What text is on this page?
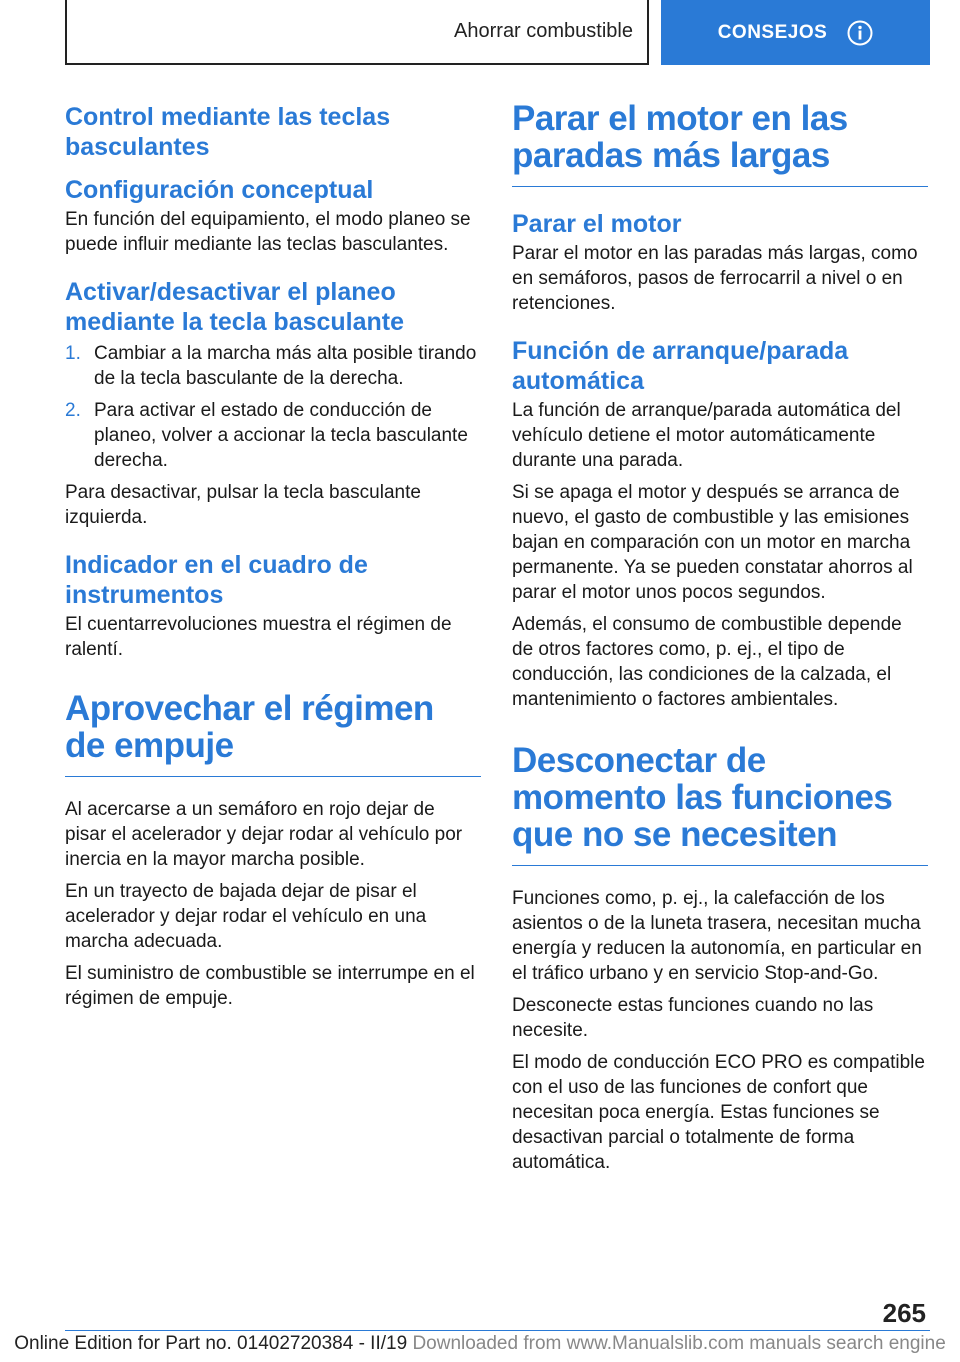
Ahorrar combustible	CONSEJOS
Control mediante las teclas basculantes
Configuración conceptual

En función del equipamiento, el modo planeo se puede influir mediante las teclas basculantes.

Activar/desactivar el planeo mediante la tecla basculante
1. Cambiar a la marcha más alta posible tirando de la tecla basculante de la derecha.
2. Para activar el estado de conducción de planeo, volver a accionar la tecla basculante derecha.

Para desactivar, pulsar la tecla basculante izquierda.

Indicador en el cuadro de instrumentos

El cuentarrevoluciones muestra el régimen de ralentí.

Aprovechar el régimen de empuje

Al acercarse a un semáforo en rojo dejar de pisar el acelerador y dejar rodar al vehículo por inercia en la mayor marcha posible.

En un trayecto de bajada dejar de pisar el acelerador y dejar rodar el vehículo en una marcha adecuada.

El suministro de combustible se interrumpe en el régimen de empuje.

Parar el motor en las paradas más largas
Parar el motor

Parar el motor en las paradas más largas, como en semáforos, pasos de ferrocarril a nivel o en retenciones.

Función de arranque/parada automática

La función de arranque/parada automática del vehículo detiene el motor automáticamente durante una parada.

Si se apaga el motor y después se arranca de nuevo, el gasto de combustible y las emisiones bajan en comparación con un motor en marcha permanente. Ya se pueden constatar ahorros al parar el motor unos pocos segundos.

Además, el consumo de combustible depende de otros factores como, p. ej., el tipo de conducción, las condiciones de la calzada, el mantenimiento o factores ambientales.

Desconectar de momento las funciones que no se necesiten

Funciones como, p. ej., la calefacción de los asientos o de la luneta trasera, necesitan mucha energía y reducen la autonomía, en particular en el tráfico urbano y en servicio Stop-and-Go.

Desconecte estas funciones cuando no las necesite.

El modo de conducción ECO PRO es compatible con el uso de las funciones de confort que necesitan poca energía. Estas funciones se desactivan parcial o totalmente de forma automática.

265
Online Edition for Part no. 01402720384 - II/19 Downloaded from www.Manualslib.com manuals search engine
